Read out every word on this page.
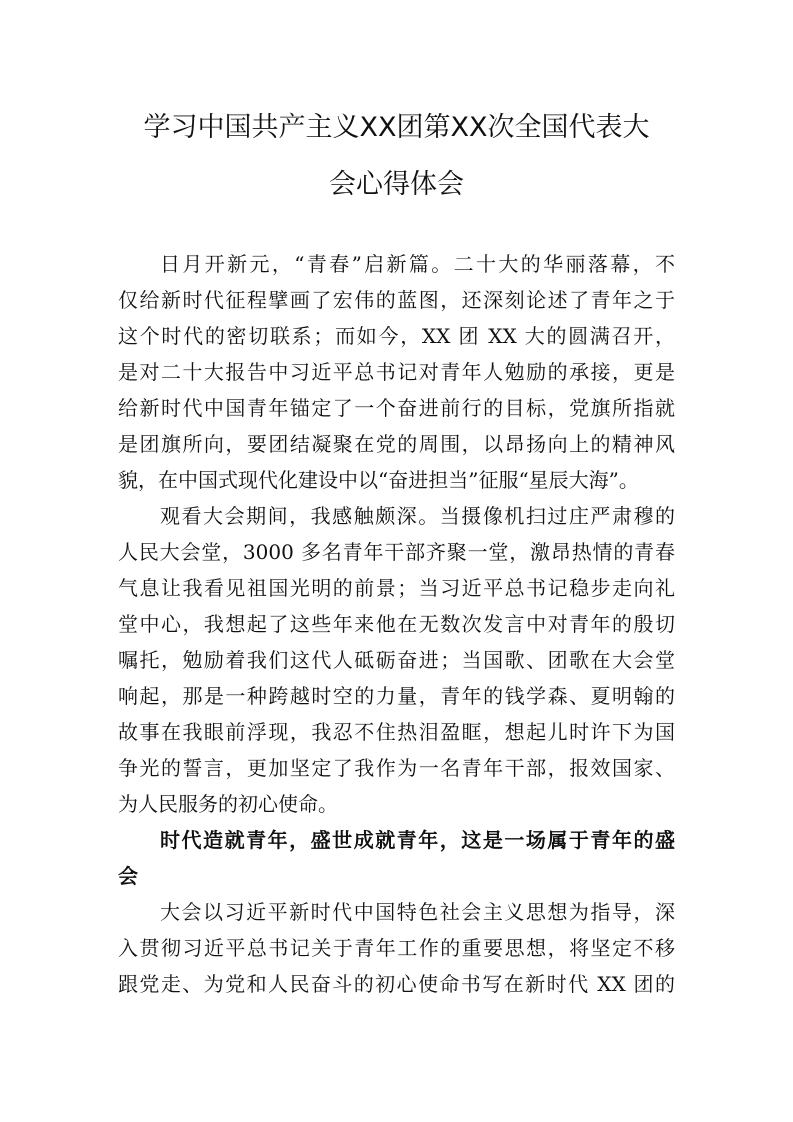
学习中国共产主义XX团第XX次全国代表大
会心得体会
日月开新元，“青春”启新篇。二十大的华丽落幕，不
仅给新时代征程擘画了宏伟的蓝图，还深刻论述了青年之于
这个时代的密切联系；而如今，XX 团 XX 大的圆满召开，
是对二十大报告中习近平总书记对青年人勉励的承接，更是
给新时代中国青年锚定了一个奋进前行的目标，党旗所指就
是团旗所向，要团结凝聚在党的周围，以昂扬向上的精神风
貌，在中国式现代化建设中以“奋进担当”征服“星辰大海”。
观看大会期间，我感触颇深。当摄像机扫过庄严肃穆的
人民大会堂，3000 多名青年干部齐聚一堂，激昂热情的青春
气息让我看见祖国光明的前景；当习近平总书记稳步走向礼
堂中心，我想起了这些年来他在无数次发言中对青年的殷切
嘱托，勉励着我们这代人砥砺奋进；当国歌、团歌在大会堂
响起，那是一种跨越时空的力量，青年的钱学森、夏明翰的
故事在我眼前浮现，我忍不住热泪盈眶，想起儿时许下为国
争光的誓言，更加坚定了我作为一名青年干部，报效国家、
为人民服务的初心使命。
时代造就青年，盛世成就青年，这是一场属于青年的盛
会
大会以习近平新时代中国特色社会主义思想为指导，深
入贯彻习近平总书记关于青年工作的重要思想，将坚定不移
跟党走、为党和人民奋斗的初心使命书写在新时代 XX 团的
